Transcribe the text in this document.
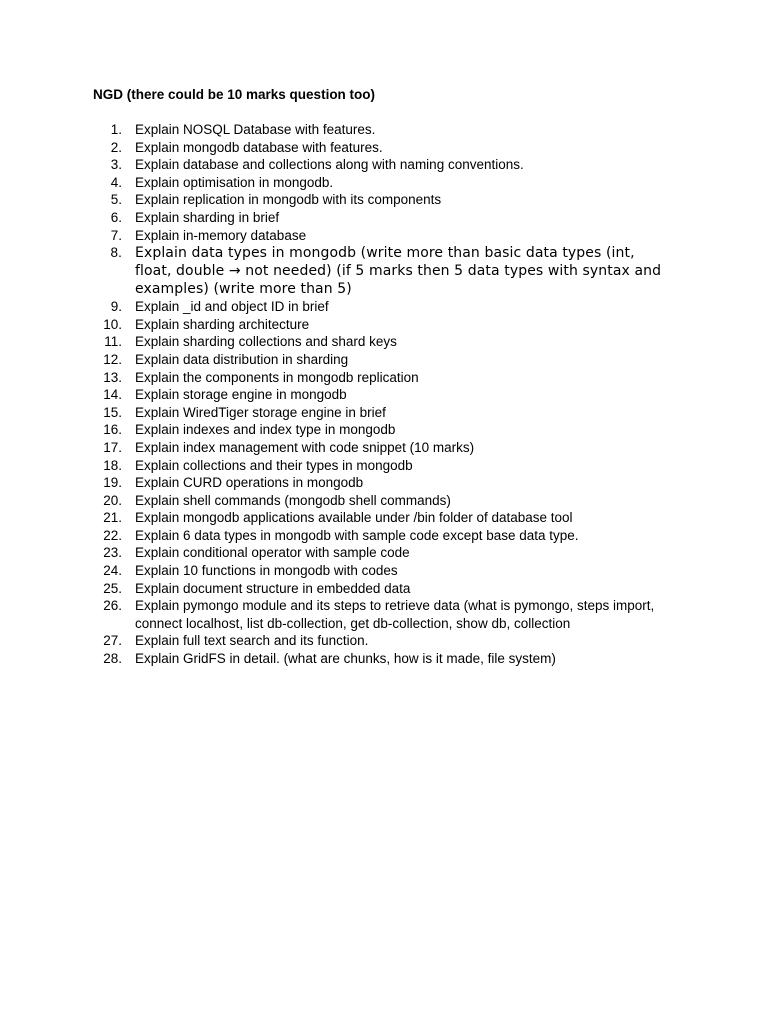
NGD (there could be 10 marks question too)
1. Explain NOSQL Database with features.
2. Explain mongodb database with features.
3. Explain database and collections along with naming conventions.
4. Explain optimisation in mongodb.
5. Explain replication in mongodb with its components
6. Explain sharding in brief
7. Explain in-memory database
8. Explain data types in mongodb (write more than basic data types (int, float, double → not needed) (if 5 marks then 5 data types with syntax and examples) (write more than 5)
9. Explain _id and object ID in brief
10. Explain sharding architecture
11. Explain sharding collections and shard keys
12. Explain data distribution in sharding
13. Explain the components in mongodb replication
14. Explain storage engine in mongodb
15. Explain WiredTiger storage engine in brief
16. Explain indexes and index type in mongodb
17. Explain index management with code snippet (10 marks)
18. Explain collections and their types in mongodb
19. Explain CURD operations in mongodb
20. Explain shell commands (mongodb shell commands)
21. Explain mongodb applications available under /bin folder of database tool
22. Explain 6 data types in mongodb with sample code except base data type.
23. Explain conditional operator with sample code
24. Explain 10 functions in mongodb with codes
25. Explain document structure in embedded data
26. Explain pymongo module and its steps to retrieve data (what is pymongo, steps import, connect localhost, list db-collection, get db-collection, show db, collection
27. Explain full text search and its function.
28. Explain GridFS in detail. (what are chunks, how is it made, file system)
